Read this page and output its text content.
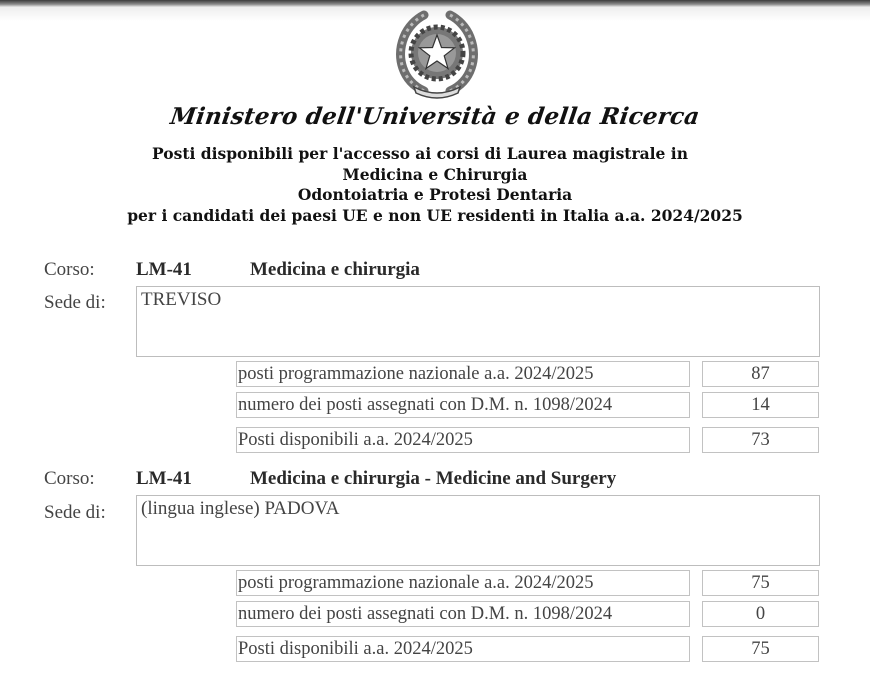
Ministero dell'Università e della Ricerca
Posti disponibili per l'accesso ai corsi di Laurea magistrale in
Medicina e Chirurgia
Odontoiatria e Protesi Dentaria
per i candidati dei paesi UE e non UE residenti in Italia a.a. 2024/2025
Corso: LM-41	Medicina e chirurgia
Sede di: TREVISO
posti programmazione nazionale a.a. 2024/2025	87
numero dei posti assegnati con D.M. n. 1098/2024	14
Posti disponibili a.a. 2024/2025	73
Corso: LM-41	Medicina e chirurgia - Medicine and Surgery
Sede di: (lingua inglese) PADOVA
posti programmazione nazionale a.a. 2024/2025	75
numero dei posti assegnati con D.M. n. 1098/2024	0
Posti disponibili a.a. 2024/2025	75
